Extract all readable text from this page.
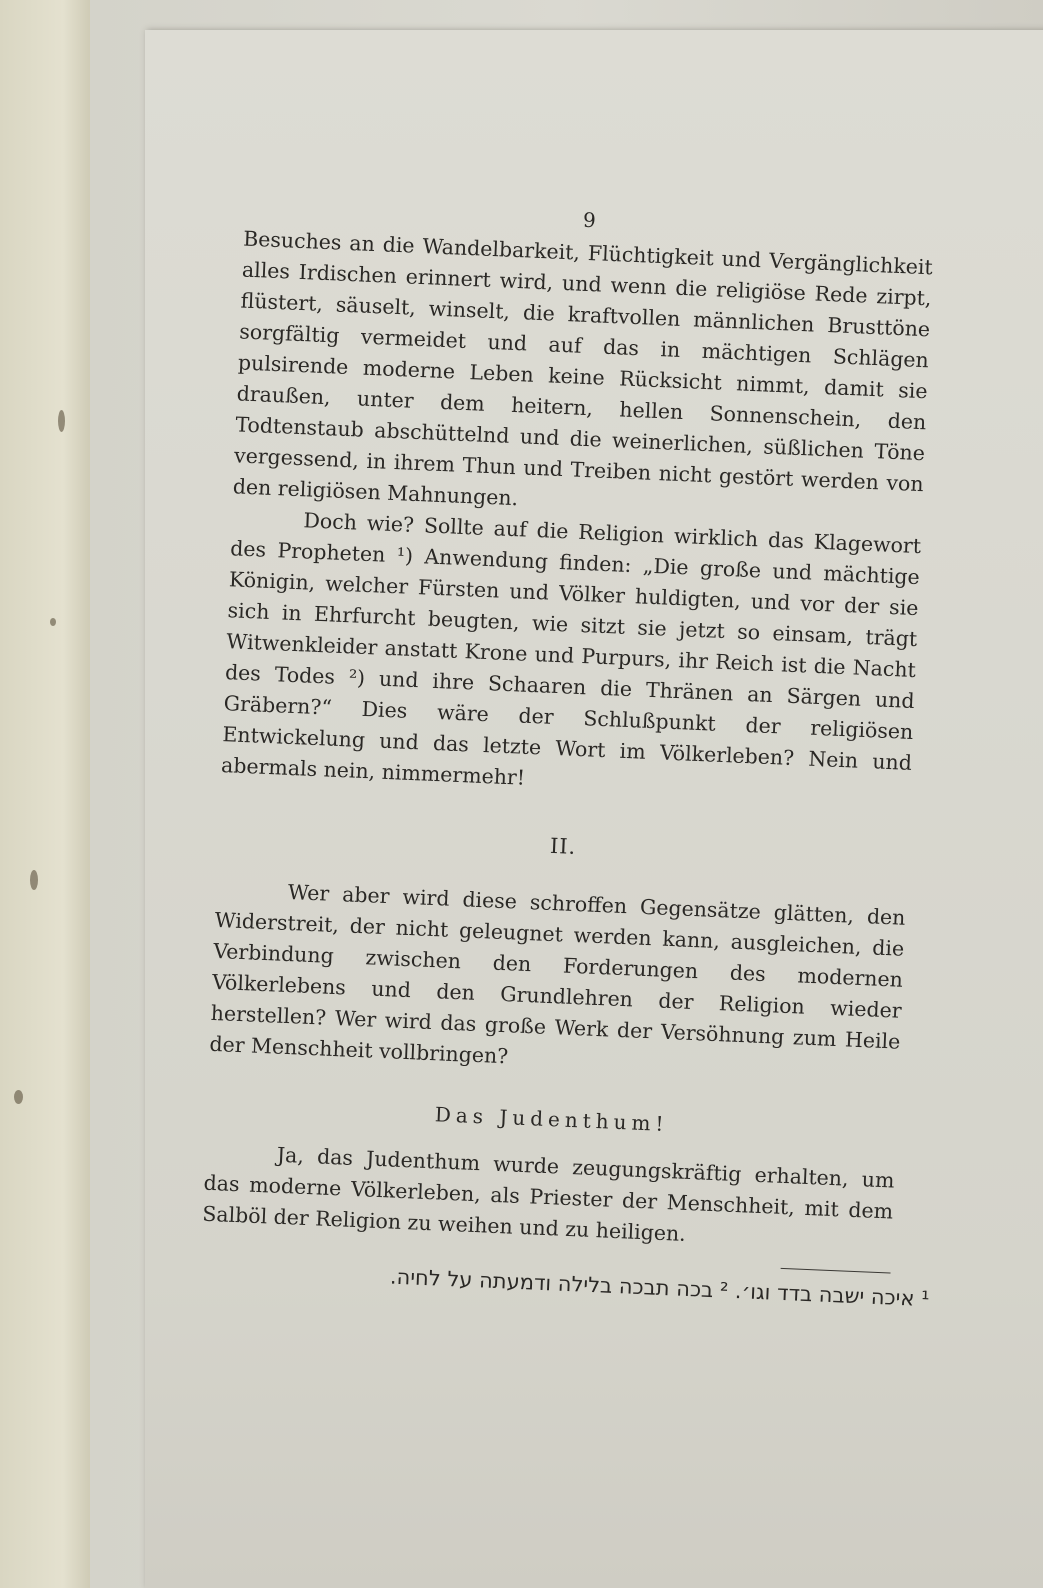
9

Besuches an die Wandelbarkeit, Flüchtigkeit und Vergänglichkeit alles Irdischen erinnert wird, und wenn die religiöse Rede zirpt, flüstert, säuselt, winselt, die kraftvollen männlichen Brusttöne sorgfältig vermeidet und auf das in mächtigen Schlägen pulsirende moderne Leben keine Rücksicht nimmt, damit sie draußen, unter dem heitern, hellen Sonnenschein, den Todtenstaub abschüttelnd und die weinerlichen, süßlichen Töne vergessend, in ihrem Thun und Treiben nicht gestört werden von den religiösen Mahnungen.

Doch wie? Sollte auf die Religion wirklich das Klagewort des Propheten ¹) Anwendung finden: „Die große und mächtige Königin, welcher Fürsten und Völker huldigten, und vor der sie sich in Ehrfurcht beugten, wie sitzt sie jetzt so einsam, trägt Witwenkleider anstatt Krone und Purpurs, ihr Reich ist die Nacht des Todes ²) und ihre Schaaren die Thränen an Särgen und Gräbern?“ Dies wäre der Schlußpunkt der religiösen Entwickelung und das letzte Wort im Völkerleben? Nein und abermals nein, nimmermehr!

II.

Wer aber wird diese schroffen Gegensätze glätten, den Widerstreit, der nicht geleugnet werden kann, ausgleichen, die Verbindung zwischen den Forderungen des modernen Völkerlebens und den Grundlehren der Religion wieder herstellen? Wer wird das große Werk der Versöhnung zum Heile der Menschheit vollbringen?

Das Judenthum!

Ja, das Judenthum wurde zeugungskräftig erhalten, um das moderne Völkerleben, als Priester der Menschheit, mit dem Salböl der Religion zu weihen und zu heiligen.

¹ איכה ישבה בדד וגו׳. ² בכה תבכה בלילה ודמעתה על לחיה.
